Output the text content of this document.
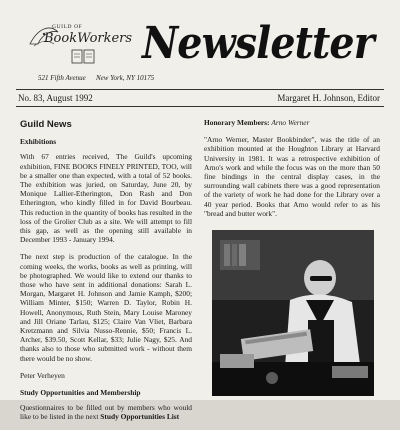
GUILD OF
BookWorkers
521 Fifth Avenue New York, NY 10175
Newsletter
No. 83, August 1992	Margaret H. Johnson, Editor
Guild News
Exhibitions

With 67 entries received, The Guild's upcoming exhibition, FINE BOOKS FINELY PRINTED, TOO, will be a smaller one than expected, with a total of 52 books. The exhibition was juried, on Saturday, June 20, by Monique Lallier-Etherington, Don Rash and Don Etherington, who kindly filled in for David Bourbeau. This reduction in the quantity of books has resulted in the loss of the Grolier Club as a site. We will attempt to fill this gap, as well as the opening still available in December 1993 - January 1994.

The next step is production of the catalogue. In the coming weeks, the works, books as well as printing, will be photographed. We would like to extend our thanks to those who have sent in additional donations: Sarah L. Morgan, Margaret H. Johnson and Jamie Kamph, $200; William Minter, $150; Warren D. Taylor, Robin H. Howell, Anonymous, Ruth Stein, Mary Louise Maroney and Jill Oriane Tarlau, $125; Claire Van Vliet, Barbara Kretzmann and Silvia Nusso-Rennie, $50; Francis L. Archer, $39.50, Scott Kellar, $33; Julie Nagy, $25. And thanks also to those who submitted work - without them there would be no show.

Peter Verheyen
Study Opportunities and Membership

Questionnaires to be filled out by members who would like to be listed in the next Study Opportunities List

Honorary Members: Arno Werner

"Arno Werner, Master Bookbinder", was the title of an exhibition mounted at the Houghton Library at Harvard University in 1981. It was a retrospective exhibition of Arno's work and while the focus was on the more than 50 fine bindings in the central display cases, in the surrounding wall cabinets there was a good representation of the variety of work he had done for the Library over a 40 year period. Books that Arno would refer to as his "bread and butter work".
